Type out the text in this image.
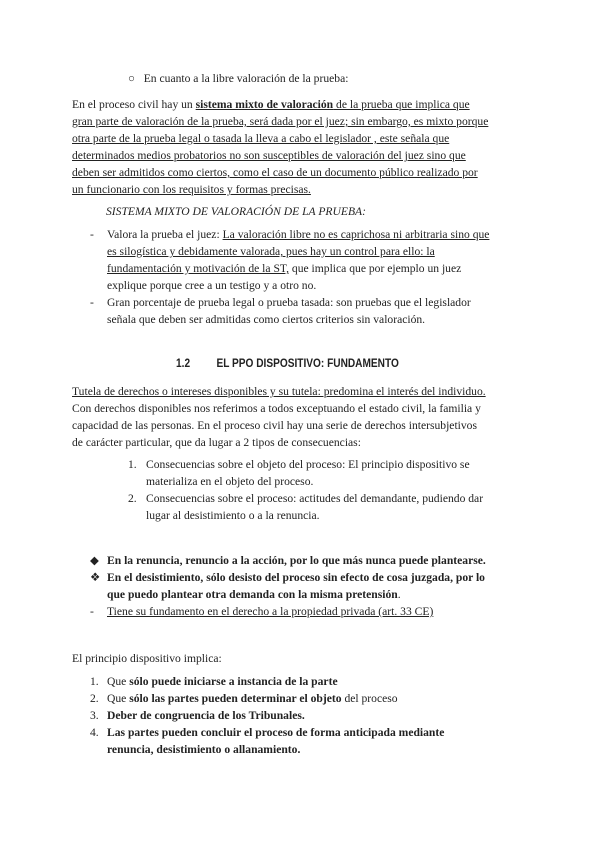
○ En cuanto a la libre valoración de la prueba:
En el proceso civil hay un sistema mixto de valoración de la prueba que implica que
gran parte de valoración de la prueba, será dada por el juez; sin embargo, es mixto porque
otra parte de la prueba legal o tasada la lleva a cabo el legislador , este señala que
determinados medios probatorios no son susceptibles de valoración del juez sino que
deben ser admitidos como ciertos, como el caso de un documento público realizado por
un funcionario con los requisitos y formas precisas.
SISTEMA MIXTO DE VALORACIÓN DE LA PRUEBA:
- Valora la prueba el juez: La valoración libre no es caprichosa ni arbitraria sino que
es silogística y debidamente valorada, pues hay un control para ello: la
fundamentación y motivación de la ST, que implica que por ejemplo un juez
explique porque cree a un testigo y a otro no.
- Gran porcentaje de prueba legal o prueba tasada: son pruebas que el legislador
señala que deben ser admitidas como ciertos criterios sin valoración.
1.2 EL PPO DISPOSITIVO: FUNDAMENTO
Tutela de derechos o intereses disponibles y su tutela: predomina el interés del individuo.
Con derechos disponibles nos referimos a todos exceptuando el estado civil, la familia y
capacidad de las personas. En el proceso civil hay una serie de derechos intersubjetivos
de carácter particular, que da lugar a 2 tipos de consecuencias:
1. Consecuencias sobre el objeto del proceso: El principio dispositivo se
materializa en el objeto del proceso.
2. Consecuencias sobre el proceso: actitudes del demandante, pudiendo dar
lugar al desistimiento o a la renuncia.
◆ En la renuncia, renuncio a la acción, por lo que más nunca puede plantearse.
❖ En el desistimiento, sólo desisto del proceso sin efecto de cosa juzgada, por lo
que puedo plantear otra demanda con la misma pretensión.
- Tiene su fundamento en el derecho a la propiedad privada (art. 33 CE)
El principio dispositivo implica:
1. Que sólo puede iniciarse a instancia de la parte
2. Que sólo las partes pueden determinar el objeto del proceso
3. Deber de congruencia de los Tribunales.
4. Las partes pueden concluir el proceso de forma anticipada mediante
renuncia, desistimiento o allanamiento.
